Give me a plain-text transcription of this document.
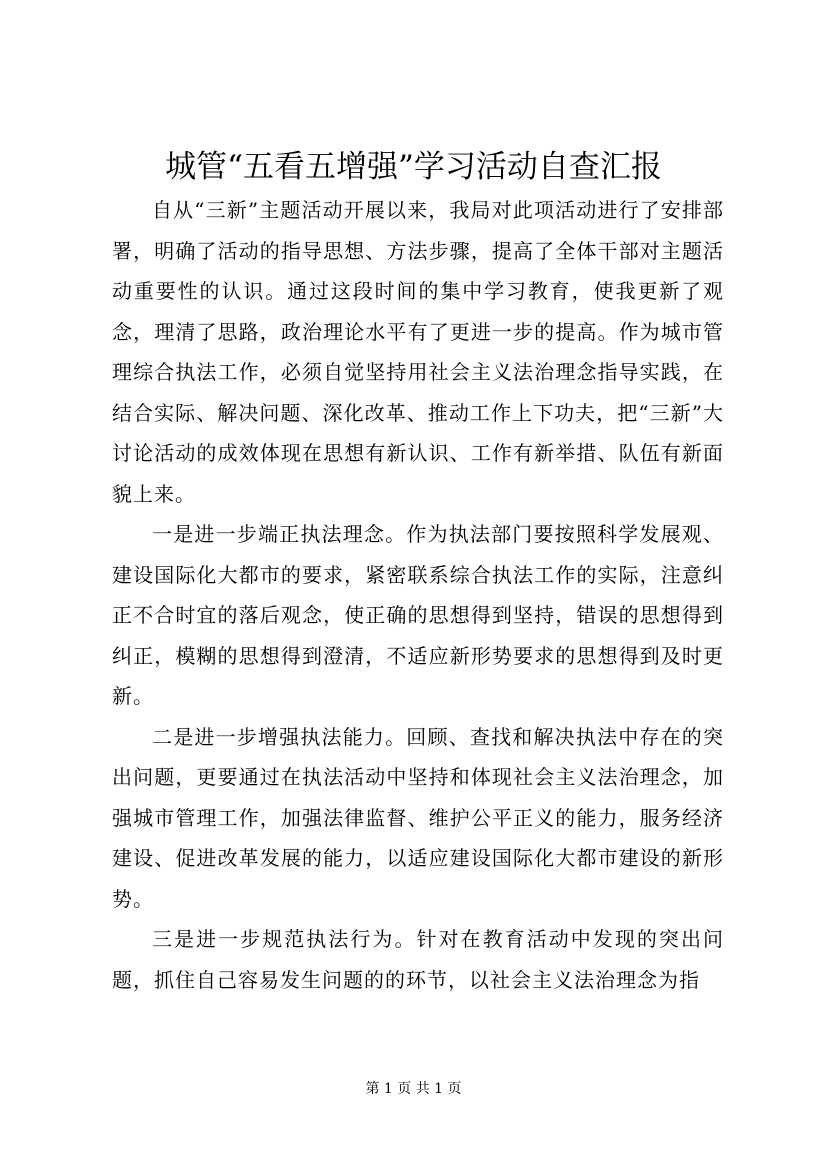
城管“五看五增强”学习活动自查汇报

自从“三新”主题活动开展以来，我局对此项活动进行了安排部署，明确了活动的指导思想、方法步骤，提高了全体干部对主题活动重要性的认识。通过这段时间的集中学习教育，使我更新了观念，理清了思路，政治理论水平有了更进一步的提高。作为城市管理综合执法工作，必须自觉坚持用社会主义法治理念指导实践，在结合实际、解决问题、深化改革、推动工作上下功夫，把“三新”大讨论活动的成效体现在思想有新认识、工作有新举措、队伍有新面貌上来。

一是进一步端正执法理念。作为执法部门要按照科学发展观、建设国际化大都市的要求，紧密联系综合执法工作的实际，注意纠正不合时宜的落后观念，使正确的思想得到坚持，错误的思想得到纠正，模糊的思想得到澄清，不适应新形势要求的思想得到及时更新。

二是进一步增强执法能力。回顾、查找和解决执法中存在的突出问题，更要通过在执法活动中坚持和体现社会主义法治理念，加强城市管理工作，加强法律监督、维护公平正义的能力，服务经济建设、促进改革发展的能力，以适应建设国际化大都市建设的新形势。

三是进一步规范执法行为。针对在教育活动中发现的突出问题，抓住自己容易发生问题的的环节，以社会主义法治理念为指

第 1 页 共 1 页
